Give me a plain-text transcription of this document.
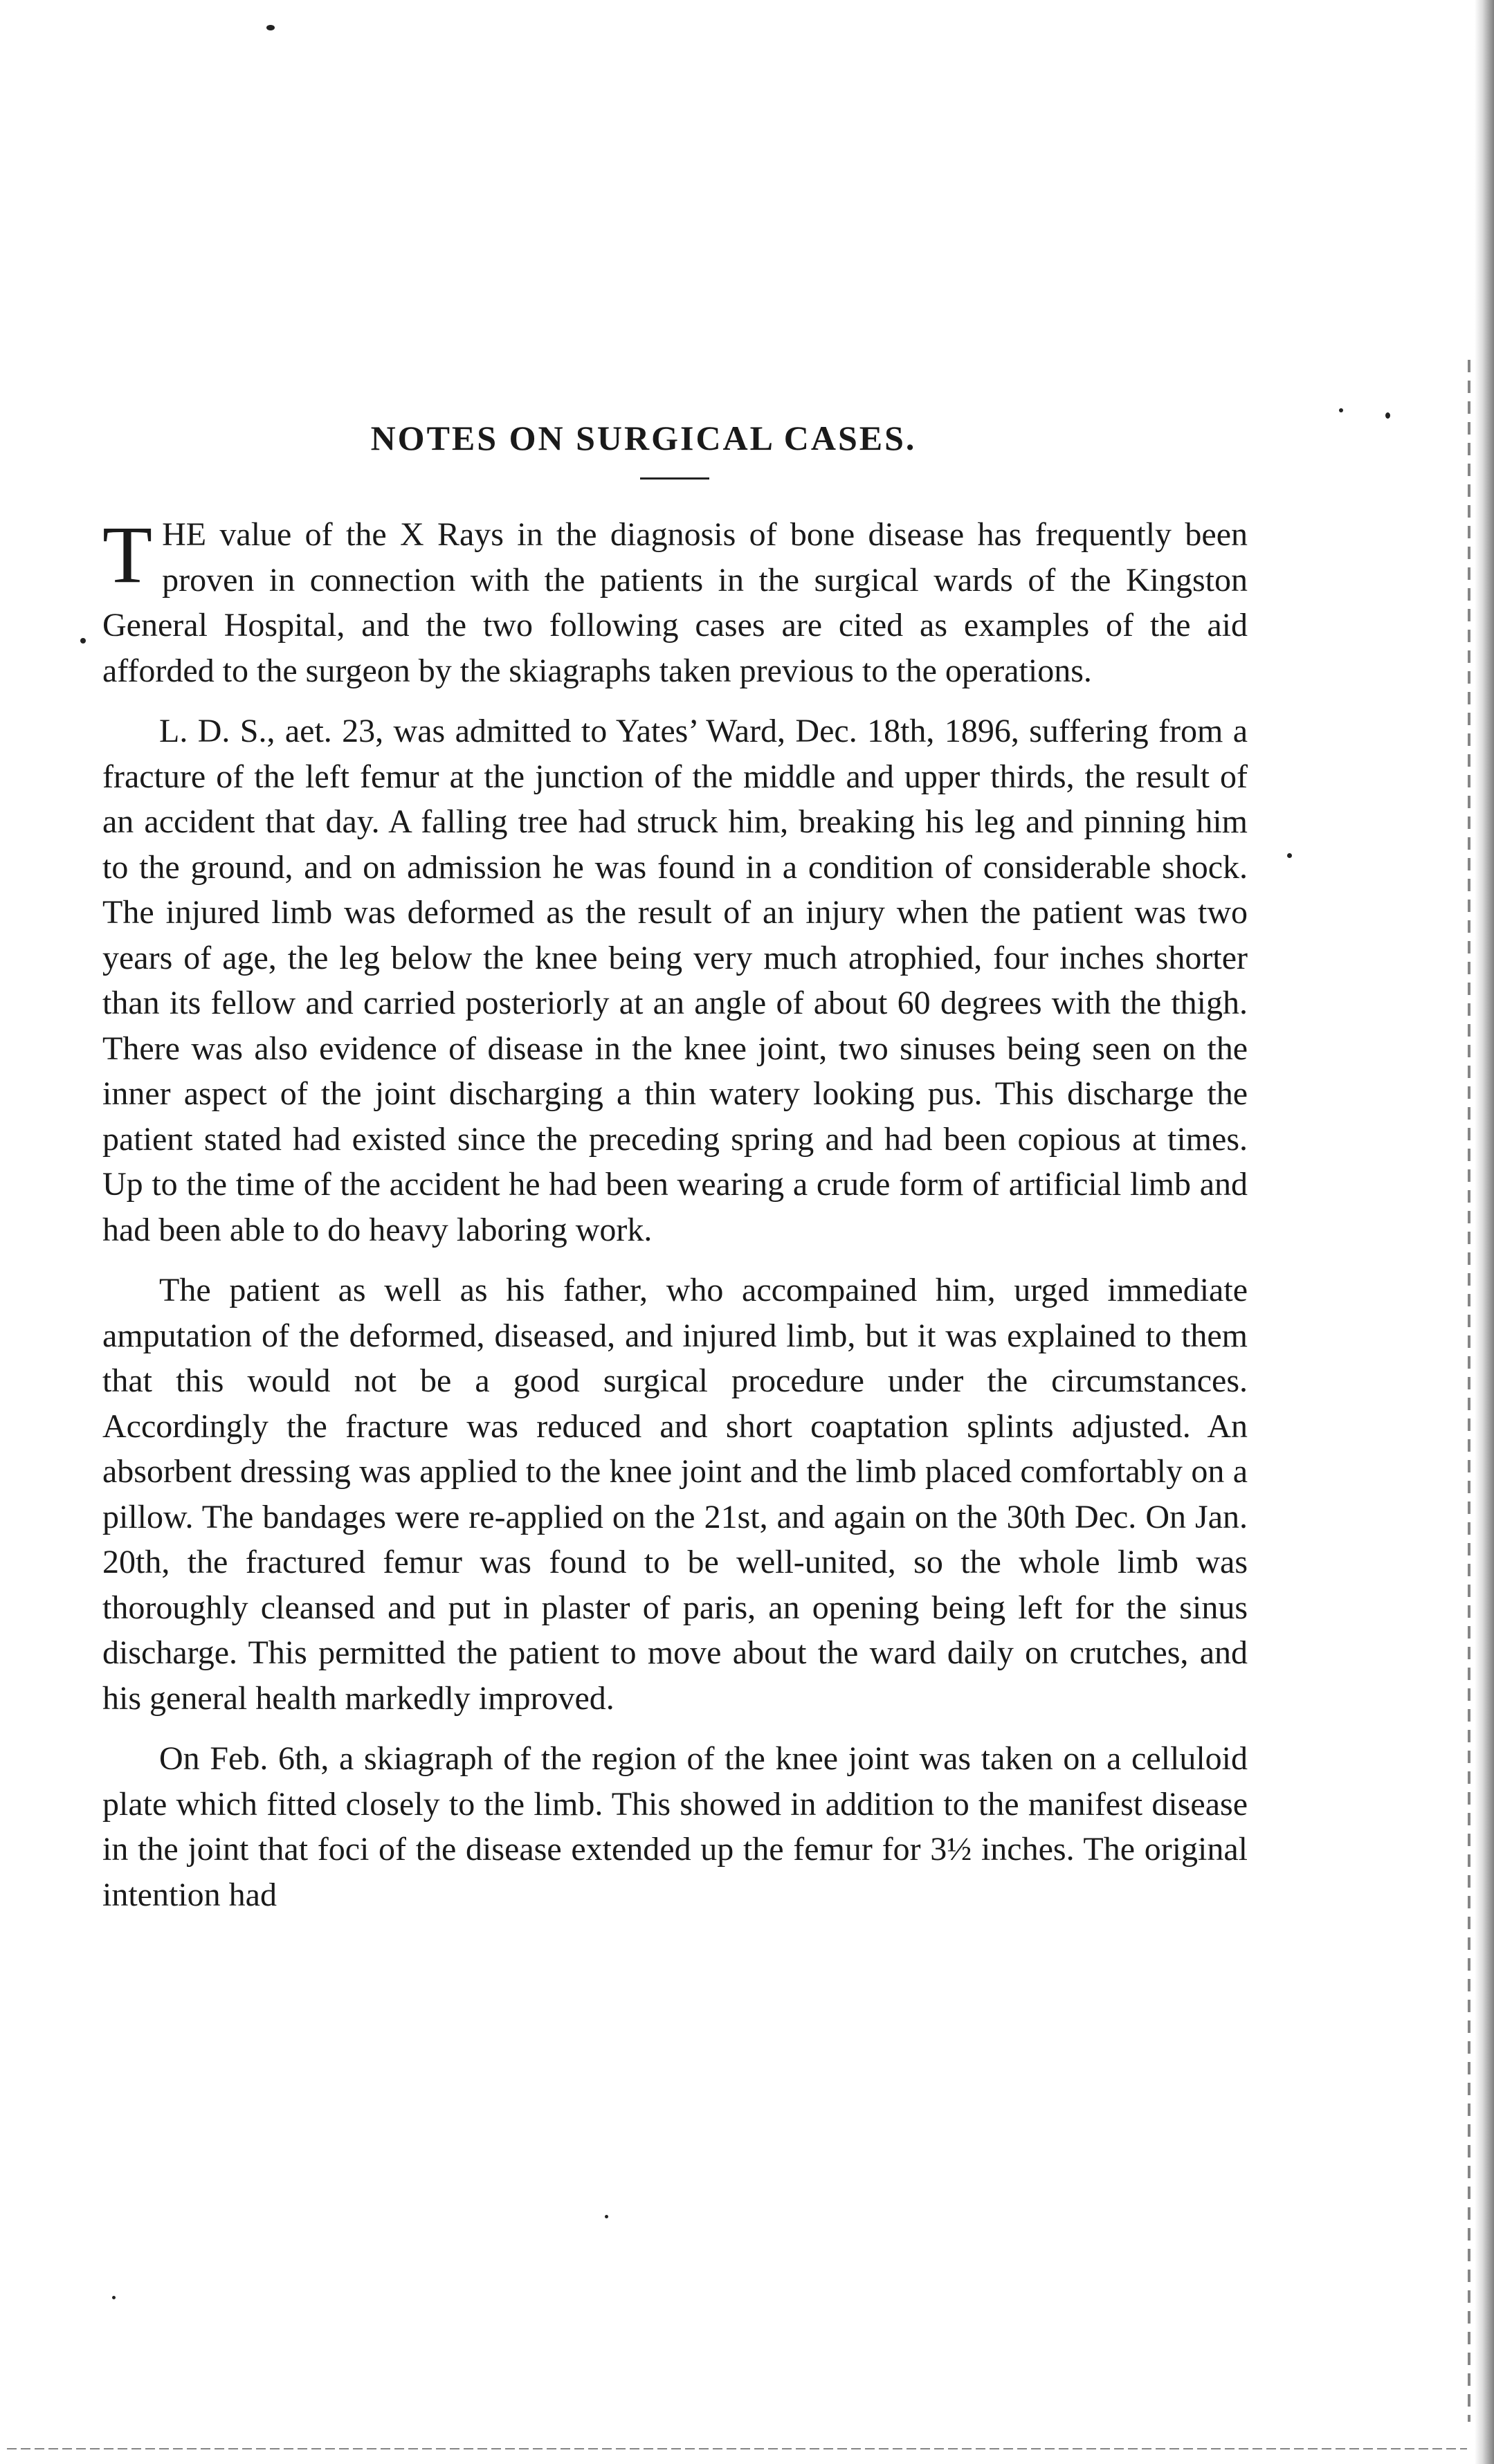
NOTES ON SURGICAL CASES.

THE value of the X Rays in the diagnosis of bone disease has frequently been proven in connection with the patients in the surgical wards of the Kingston General Hospital, and the two following cases are cited as examples of the aid afforded to the surgeon by the skiagraphs taken previous to the operations.

L. D. S., aet. 23, was admitted to Yates’ Ward, Dec. 18th, 1896, suffering from a fracture of the left femur at the junction of the middle and upper thirds, the result of an accident that day. A falling tree had struck him, breaking his leg and pinning him to the ground, and on admission he was found in a condition of considerable shock. The injured limb was deformed as the result of an injury when the patient was two years of age, the leg below the knee being very much atrophied, four inches shorter than its fellow and carried posteriorly at an angle of about 60 degrees with the thigh. There was also evidence of disease in the knee joint, two sinuses being seen on the inner aspect of the joint discharging a thin watery looking pus. This discharge the patient stated had existed since the preceding spring and had been copious at times. Up to the time of the accident he had been wearing a crude form of artificial limb and had been able to do heavy laboring work.

The patient as well as his father, who accompained him, urged immediate amputation of the deformed, diseased, and injured limb, but it was explained to them that this would not be a good surgical procedure under the circumstances. Accordingly the fracture was reduced and short coaptation splints adjusted. An absorbent dressing was applied to the knee joint and the limb placed comfortably on a pillow. The bandages were re-applied on the 21st, and again on the 30th Dec. On Jan. 20th, the fractured femur was found to be well-united, so the whole limb was thoroughly cleansed and put in plaster of paris, an opening being left for the sinus discharge. This permitted the patient to move about the ward daily on crutches, and his general health markedly improved.

On Feb. 6th, a skiagraph of the region of the knee joint was taken on a celluloid plate which fitted closely to the limb. This showed in addition to the manifest disease in the joint that foci of the disease extended up the femur for 3½ inches. The original intention had
